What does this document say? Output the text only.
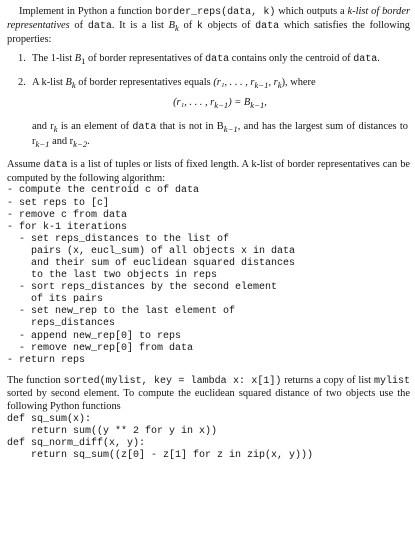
Implement in Python a function border_reps(data, k) which outputs a k-list of border representatives of data. It is a list $B_k$ of k objects of data which satisfies the following properties:

1. The 1-list $B_1$ of border representatives of data contains only the centroid of data.
2. A k-list $B_k$ of border representatives equals (r₁, . . . , $r_{k-1}$, $r_k$), where
(r₁, . . . , $r_{k-1}) = B_{k-1}$,

and $r_k$ is an element of data that is not in $B_{k-1}$, and has the largest sum of distances to $r_{k-1}$ and $r_{k-2}$.

Assume data is a list of tuples or lists of fixed length. A k-list of border representatives can be computed by the following algorithm:

- compute the centroid c of data
- set reps to [c]
- remove c from data
- for k-1 iterations
- set reps_distances to the list of
pairs (x, eucl_sum) of all objects x in data
and their sum of euclidean squared distances
to the last two objects in reps
- sort reps_distances by the second element
of its pairs
- set new_rep to the last element of
reps_distances
- append new_rep[0] to reps
- remove new_rep[0] from data
- return reps

The function sorted(mylist, key = lambda x: x[1]) returns a copy of list mylist sorted by second element. To compute the euclidean squared distance of two objects use the following Python functions

def sq_sum(x):
return sum((y ** 2 for y in x))
def sq_norm_diff(x, y):
return sq_sum((z[0] - z[1] for z in zip(x, y)))
